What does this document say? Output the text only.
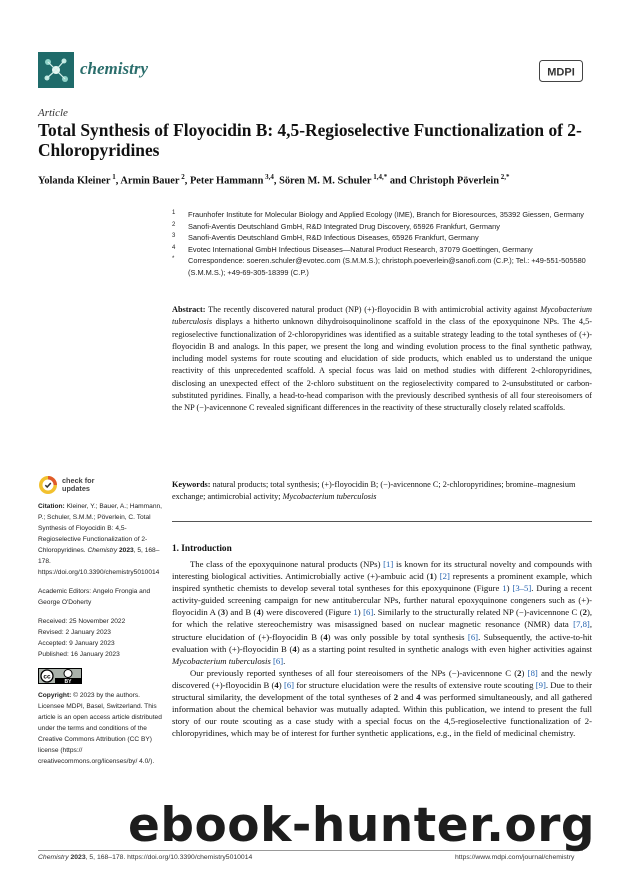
chemistry	MDPI
Article
Total Synthesis of Floyocidin B: 4,5-Regioselective Functionalization of 2-Chloropyridines
Yolanda Kleiner $^1$, Armin Bauer $^2$, Peter Hammann $^{3,4}$, Sören M. M. Schuler $^{1,4,*}$ and Christoph Pöverlein $^{2,*}$
1 Fraunhofer Institute for Molecular Biology and Applied Ecology (IME), Branch for Bioresources, 35392 Giessen, Germany
2 Sanofi-Aventis Deutschland GmbH, R&D Integrated Drug Discovery, 65926 Frankfurt, Germany
3 Sanofi-Aventis Deutschland GmbH, R&D Infectious Diseases, 65926 Frankfurt, Germany
4 Evotec International GmbH Infectious Diseases—Natural Product Research, 37079 Goettingen, Germany
* Correspondence: soeren.schuler@evotec.com (S.M.M.S.); christoph.poeverlein@sanofi.com (C.P.); Tel.: +49-551-505580 (S.M.M.S.); +49-69-305-18399 (C.P.)
Abstract: The recently discovered natural product (NP) (+)-floyocidin B with antimicrobial activity against Mycobacterium tuberculosis displays a hitherto unknown dihydroisoquinolinone scaffold in the class of the epoxyquinone NPs. The 4,5-regioselective functionalization of 2-chloropyridines was identified as a suitable strategy leading to the total syntheses of (+)-floyocidin B and analogs. In this paper, we present the long and winding evolution process to the final synthetic pathway, including model systems for route scouting and elucidation of side products, which enabled us to understand the unique reactivity of this unprecedented scaffold. A special focus was laid on method studies with different 2-chloropyridines, disclosing an unexpected effect of the 2-chloro substituent on the regioselectivity compared to 2-unsubstituted or carbon-substituted pyridines. Finally, a head-to-head comparison with the previously described synthesis of all four stereoisomers of the NP (−)-avicennone C revealed significant differences in the reactivity of these structurally closely related scaffolds.
Keywords: natural products; total synthesis; (+)-floyocidin B; (−)-avicennone C; 2-chloropyridines; bromine–magnesium exchange; antimicrobial activity; Mycobacterium tuberculosis
1. Introduction

The class of the epoxyquinone natural products (NPs) [1] is known for its structural novelty and compounds with interesting biological activities. Antimicrobially active (+)-ambuic acid (1) [2] represents a prominent example, which inspired synthetic chemists to develop several total syntheses for this epoxyquinone (Figure 1) [3–5]. During a recent activity-guided screening campaign for new antitubercular NPs, further natural epoxyquinone congeners such as (+)-floyocidin A (3) and B (4) were discovered (Figure 1) [6]. Similarly to the structurally related NP (−)-avicennone C (2), for which the relative stereochemistry was misassigned based on nuclear magnetic resonance (NMR) data [7,8], structure elucidation of (+)-floyocidin B (4) was only possible by total synthesis [6]. Subsequently, the active-to-hit evaluation with (+)-floyocidin B (4) as a starting point resulted in synthetic analogs with even higher activities against Mycobacterium tuberculosis [6].

Our previously reported syntheses of all four stereoisomers of the NPs (−)-avicennone C (2) [8] and the newly discovered (+)-floyocidin B (4) [6] for structure elucidation were the results of extensive route scouting [9]. Due to their structural similarity, the development of the total syntheses of 2 and 4 was performed simultaneously, and all gathered information about the chemical behavior was mutually adapted. Within this publication, we intend to present the full story of our route scouting as a case study with a special focus on the 4,5-regioselective functionalization of 2-chloropyridines, which may be of interest for further synthetic applications, e.g., in the field of medicinal chemistry.

check for
updates
Citation: Kleiner, Y.; Bauer, A.; Hammann, P.; Schuler, S.M.M.; Pöverlein, C. Total Synthesis of Floyocidin B: 4,5-Regioselective Functionalization of 2-Chloropyridines. Chemistry 2023, 5, 168–178. https://doi.org/10.3390/chemistry5010014
Academic Editors: Angelo Frongia and George O'Doherty
Received: 25 November 2022
Revised: 2 January 2023
Accepted: 9 January 2023
Published: 16 January 2023
cc
BY
Copyright: © 2023 by the authors. Licensee MDPI, Basel, Switzerland. This article is an open access article distributed under the terms and conditions of the Creative Commons Attribution (CC BY) license (https:// creativecommons.org/licenses/by/ 4.0/).
Chemistry 2023, 5, 168–178. https://doi.org/10.3390/chemistry5010014	https://www.mdpi.com/journal/chemistry
ebook-hunter.org
